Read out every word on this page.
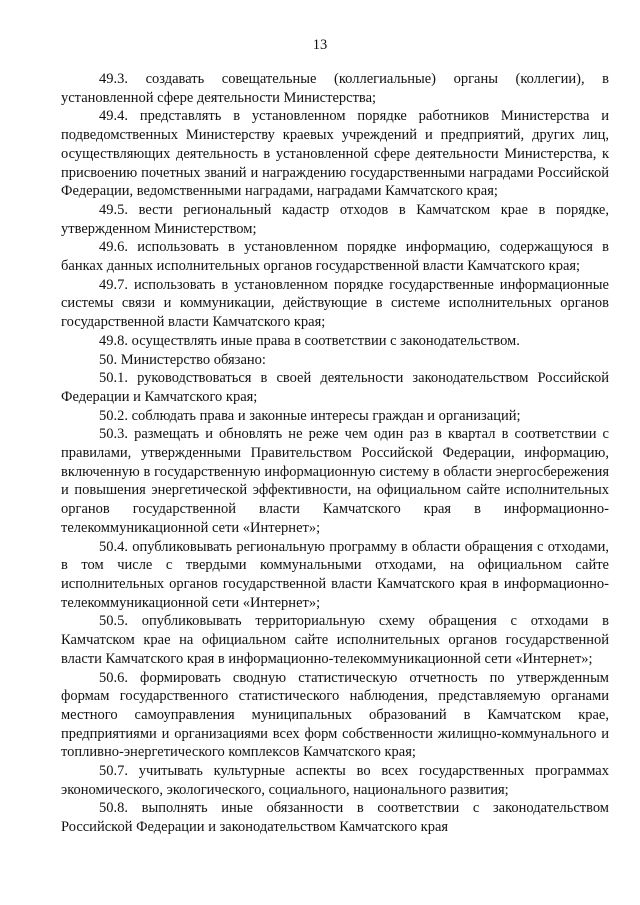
13

49.3. создавать совещательные (коллегиальные) органы (коллегии), в установленной сфере деятельности Министерства;

49.4. представлять в установленном порядке работников Министерства и подведомственных Министерству краевых учреждений и предприятий, других лиц, осуществляющих деятельность в установленной сфере деятельности Министерства, к присвоению почетных званий и награждению государственными наградами Российской Федерации, ведомственными наградами, наградами Камчатского края;

49.5. вести региональный кадастр отходов в Камчатском крае в порядке, утвержденном Министерством;

49.6. использовать в установленном порядке информацию, содержащуюся в банках данных исполнительных органов государственной власти Камчатского края;

49.7. использовать в установленном порядке государственные информационные системы связи и коммуникации, действующие в системе исполнительных органов государственной власти Камчатского края;

49.8. осуществлять иные права в соответствии с законодательством.

50. Министерство обязано:

50.1. руководствоваться в своей деятельности законодательством Российской Федерации и Камчатского края;

50.2. соблюдать права и законные интересы граждан и организаций;

50.3. размещать и обновлять не реже чем один раз в квартал в соответствии с правилами, утвержденными Правительством Российской Федерации, информацию, включенную в государственную информационную систему в области энергосбережения и повышения энергетической эффективности, на официальном сайте исполнительных органов государственной власти Камчатского края в информационно-телекоммуникационной сети «Интернет»;

50.4. опубликовывать региональную программу в области обращения с отходами, в том числе с твердыми коммунальными отходами, на официальном сайте исполнительных органов государственной власти Камчатского края в информационно-телекоммуникационной сети «Интернет»;

50.5. опубликовывать территориальную схему обращения с отходами в Камчатском крае на официальном сайте исполнительных органов государственной власти Камчатского края в информационно-телекоммуникационной сети «Интернет»;

50.6. формировать сводную статистическую отчетность по утвержденным формам государственного статистического наблюдения, представляемую органами местного самоуправления муниципальных образований в Камчатском крае, предприятиями и организациями всех форм собственности жилищно-коммунального и топливно-энергетического комплексов Камчатского края;

50.7. учитывать культурные аспекты во всех государственных программах экономического, экологического, социального, национального развития;

50.8. выполнять иные обязанности в соответствии с законодательством Российской Федерации и законодательством Камчатского края
